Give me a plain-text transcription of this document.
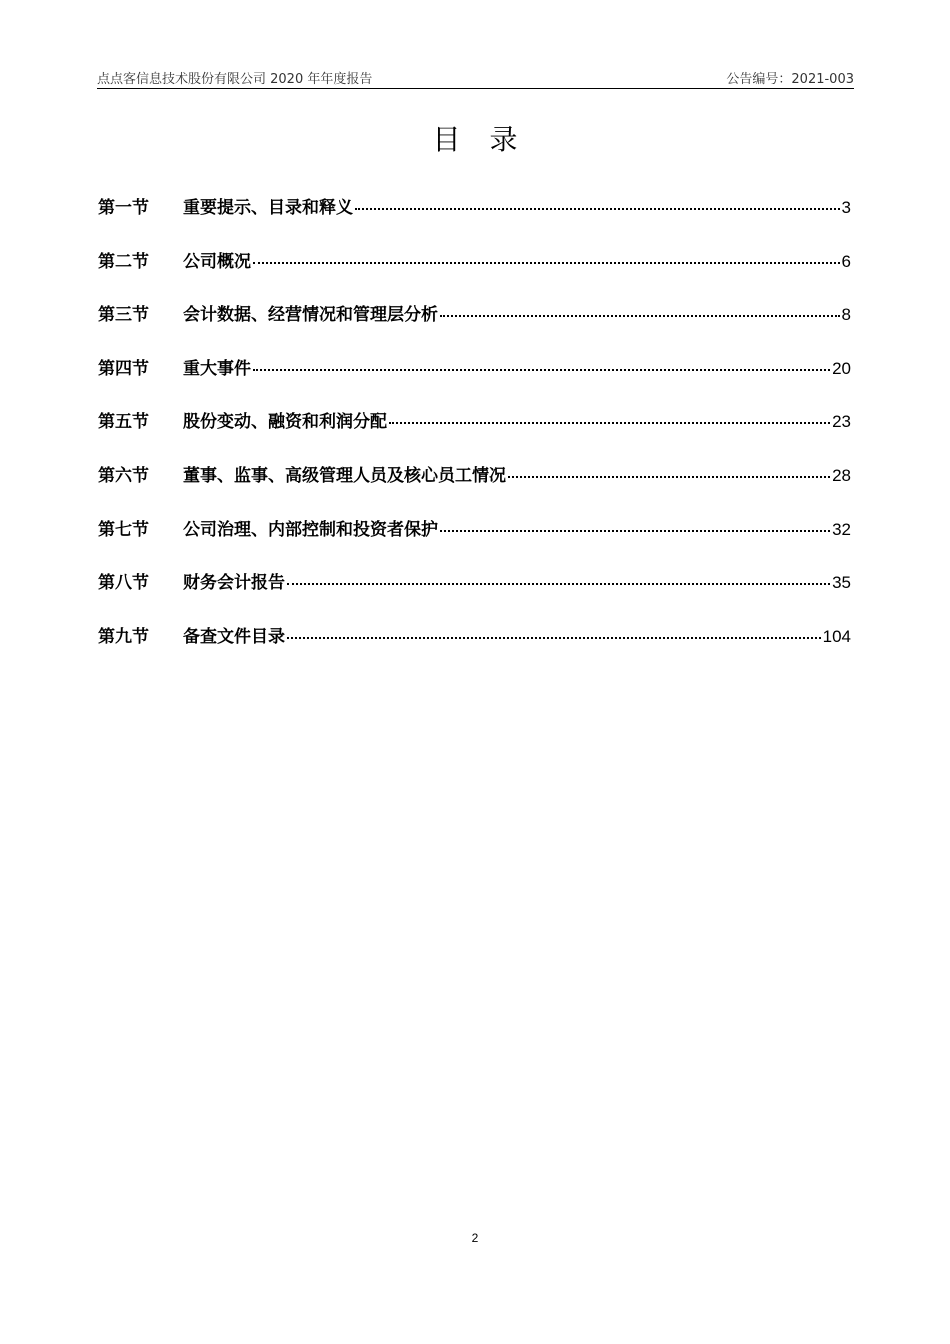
点点客信息技术股份有限公司 2020 年年度报告	公告编号：2021-003
目 录
第一节	重要提示、目录和释义	3
第二节	公司概况	6
第三节	会计数据、经营情况和管理层分析	8
第四节	重大事件	20
第五节	股份变动、融资和利润分配	23
第六节	董事、监事、高级管理人员及核心员工情况	28
第七节	公司治理、内部控制和投资者保护	32
第八节	财务会计报告	35
第九节	备查文件目录	104
2
